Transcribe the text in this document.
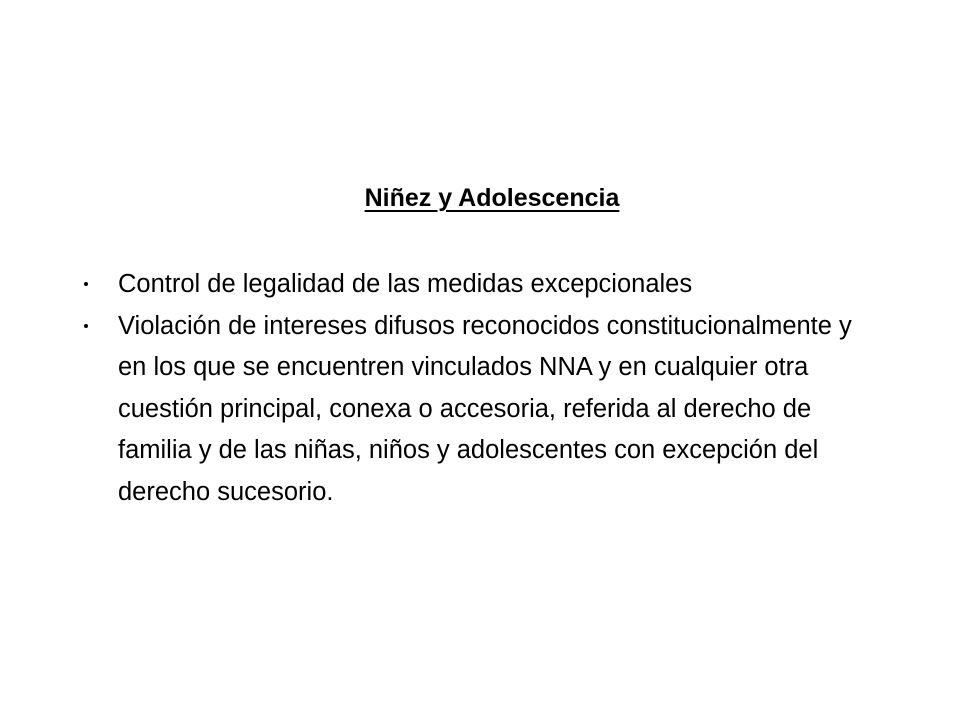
Niñez y Adolescencia
Control de legalidad de las medidas excepcionales
Violación de intereses difusos reconocidos constitucionalmente y en los que se encuentren vinculados NNA y en cualquier otra cuestión principal, conexa o accesoria, referida al derecho de familia y de las niñas, niños y adolescentes con excepción del derecho sucesorio.
